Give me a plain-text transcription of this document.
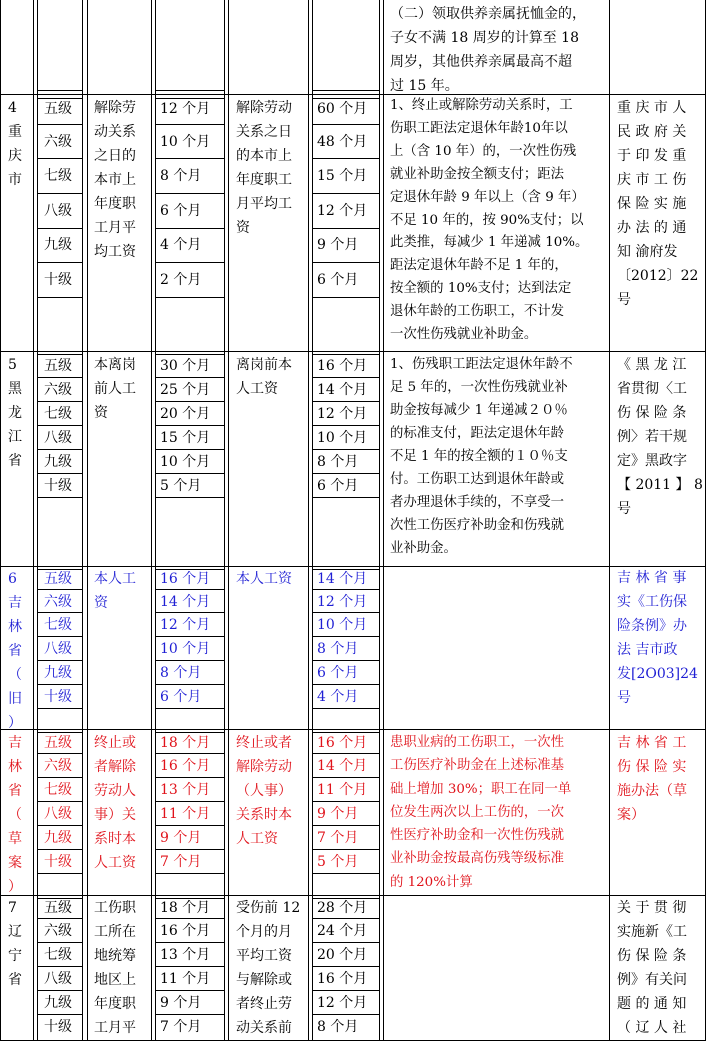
（二）领取供养亲属抚恤金的，
子女不满 18 周岁的计算至 18
周岁，其他供养亲属最高不超
过 15 年。
4
重
庆
市
五级
六级
七级
八级
九级
十级
解除劳
动关系
之日的
本市上
年度职
工月平
均工资
12 个月
10 个月
8 个月
6 个月
4 个月
2 个月
解除劳动
关系之日
的本市上
年度职工
月平均工
资
60 个月
48 个月
15 个月
12 个月
9 个月
6 个月
1、终止或解除劳动关系时，工
伤职工距法定退休年龄10年以
上（含 10 年）的，一次性伤残
就业补助金按全额支付；距法
定退休年龄 9 年以上（含 9 年）
不足 10 年的，按 90%支付；以
此类推，每减少 1 年递减 10%。
距法定退休年龄不足 1 年的，
按全额的 10%支付；达到法定
退休年龄的工伤职工，不计发
一次性伤残就业补助金。
重 庆 市 人
民 政 府 关
于 印 发 重
庆 市 工 伤
保 险 实 施
办 法 的 通
知 渝府发
〔2012〕22
号
5
黑
龙
江
省
五级
六级
七级
八级
九级
十级
本离岗
前人工
资
30 个月
25 个月
20 个月
15 个月
10 个月
5 个月
离岗前本
人工资
16 个月
14 个月
12 个月
10 个月
8 个月
6 个月
1、伤残职工距法定退休年龄不
足 5 年的，一次性伤残就业补
助金按每减少 1 年递减２０％
的标准支付，距法定退休年龄
不足 1 年的按全额的１０％支
付。工伤职工达到退休年龄或
者办理退休手续的，不享受一
次性工伤医疗补助金和伤残就
业补助金。
《 黑 龙 江
省贯彻〈工
伤 保 险 条
例〉若干规
定》黑政字
【 2011 】 8
号
6
吉
林
省
（
旧
）
五级
六级
七级
八级
九级
十级
本人工
资
16 个月
14 个月
12 个月
10 个月
8 个月
6 个月
本人工资 14 个月
12 个月
10 个月
8 个月
6 个月
4 个月
吉 林 省 事
实《工伤保
险条例》办
法 吉市政
发[2O03]24
号
吉
林
省
（
草
案
）
五级
六级
七级
八级
九级
十级
终止或
者解除
劳动人
事）关
系时本
人工资
18 个月
16 个月
13 个月
11 个月
9 个月
7 个月
终止或者
解除劳动
（人事）
关系时本
人工资
16 个月
14 个月
11 个月
9 个月
7 个月
5 个月
患职业病的工伤职工，一次性
工伤医疗补助金在上述标准基
础上增加 30%；职工在同一单
位发生两次以上工伤的，一次
性医疗补助金和一次性伤残就
业补助金按最高伤残等级标准
的 120%计算
吉 林 省 工
伤 保 险 实
施办法（草
案）
7
辽
宁
省
五级
六级
七级
八级
九级
十级
工伤职
工所在
地统筹
地区上
年度职
工月平
18 个月
16 个月
13 个月
11 个月
9 个月
7 个月
受伤前 12
个月的月
平均工资
与解除或
者终止劳
动关系前
28 个月
24 个月
20 个月
16 个月
12 个月
8 个月
关 于 贯 彻
实施新《工
伤 保 险 条
例》有关问
题 的 通 知
（ 辽 人 社
